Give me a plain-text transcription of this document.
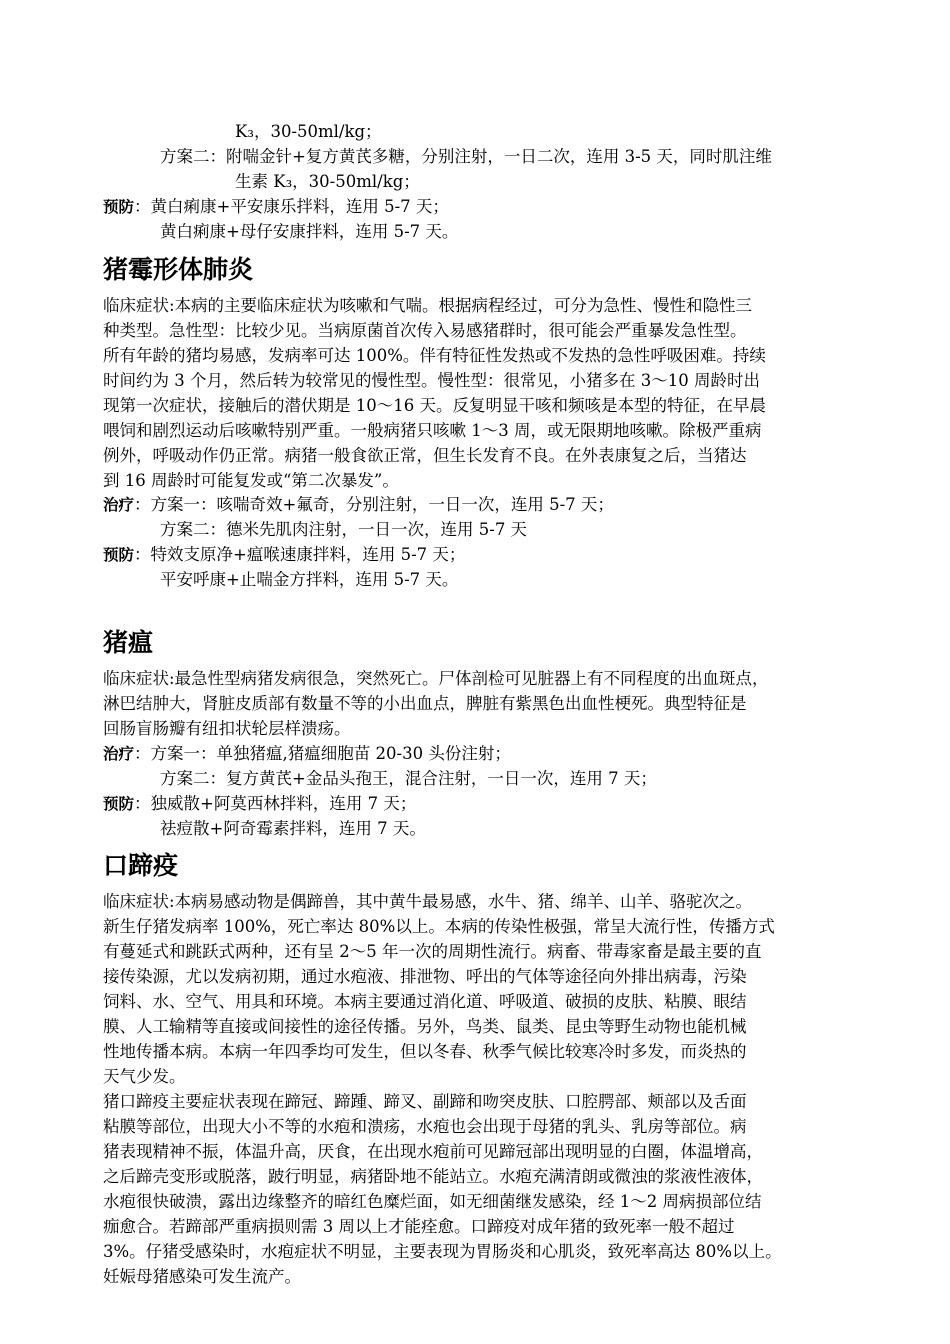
K₃，30-50ml/kg；
方案二：附喘金针+复方黄芪多糖，分别注射，一日二次，连用 3-5 天，同时肌注维
生素 K₃，30-50ml/kg；
预防：黄白痢康+平安康乐拌料，连用 5-7 天；
黄白痢康+母仔安康拌料，连用 5-7 天。
猪霉形体肺炎
临床症状:本病的主要临床症状为咳嗽和气喘。根据病程经过，可分为急性、慢性和隐性三
种类型。急性型：比较少见。当病原菌首次传入易感猪群时，很可能会严重暴发急性型。
所有年龄的猪均易感，发病率可达 100%。伴有特征性发热或不发热的急性呼吸困难。持续
时间约为 3 个月，然后转为较常见的慢性型。慢性型：很常见，小猪多在 3～10 周龄时出
现第一次症状，接触后的潜伏期是 10～16 天。反复明显干咳和频咳是本型的特征，在早晨
喂饲和剧烈运动后咳嗽特别严重。一般病猪只咳嗽 1～3 周，或无限期地咳嗽。除极严重病
例外，呼吸动作仍正常。病猪一般食欲正常，但生长发育不良。在外表康复之后，当猪达
到 16 周龄时可能复发或“第二次暴发”。
治疗：方案一：咳喘奇效+氟奇，分别注射，一日一次，连用 5-7 天；
方案二：德米先肌肉注射，一日一次，连用 5-7 天
预防：特效支原净+瘟喉速康拌料，连用 5-7 天；
平安呼康+止喘金方拌料，连用 5-7 天。
猪瘟
临床症状:最急性型病猪发病很急，突然死亡。尸体剖检可见脏器上有不同程度的出血斑点，
淋巴结肿大，肾脏皮质部有数量不等的小出血点，脾脏有紫黑色出血性梗死。典型特征是
回肠盲肠瓣有纽扣状轮层样溃疡。
治疗：方案一：单独猪瘟,猪瘟细胞苗 20-30 头份注射；
方案二：复方黄芪+金品头孢王，混合注射，一日一次，连用 7 天；
预防：独威散+阿莫西林拌料，连用 7 天；
祛痘散+阿奇霉素拌料，连用 7 天。
口蹄疫
临床症状:本病易感动物是偶蹄兽，其中黄牛最易感，水牛、猪、绵羊、山羊、骆驼次之。
新生仔猪发病率 100%，死亡率达 80%以上。本病的传染性极强，常呈大流行性，传播方式
有蔓延式和跳跃式两种，还有呈 2～5 年一次的周期性流行。病畜、带毒家畜是最主要的直
接传染源，尤以发病初期，通过水疱液、排泄物、呼出的气体等途径向外排出病毒，污染
饲料、水、空气、用具和环境。本病主要通过消化道、呼吸道、破损的皮肤、粘膜、眼结
膜、人工输精等直接或间接性的途径传播。另外，鸟类、鼠类、昆虫等野生动物也能机械
性地传播本病。本病一年四季均可发生，但以冬春、秋季气候比较寒冷时多发，而炎热的
天气少发。
猪口蹄疫主要症状表现在蹄冠、蹄踵、蹄叉、副蹄和吻突皮肤、口腔腭部、颊部以及舌面
粘膜等部位，出现大小不等的水疱和溃疡，水疱也会出现于母猪的乳头、乳房等部位。病
猪表现精神不振，体温升高，厌食，在出现水疱前可见蹄冠部出现明显的白圈，体温增高，
之后蹄壳变形或脱落，跛行明显，病猪卧地不能站立。水疱充满清朗或微浊的浆液性液体，
水疱很快破溃，露出边缘整齐的暗红色糜烂面，如无细菌继发感染，经 1～2 周病损部位结
痂愈合。若蹄部严重病损则需 3 周以上才能痊愈。口蹄疫对成年猪的致死率一般不超过
3%。仔猪受感染时，水疱症状不明显，主要表现为胃肠炎和心肌炎，致死率高达 80%以上。
妊娠母猪感染可发生流产。
